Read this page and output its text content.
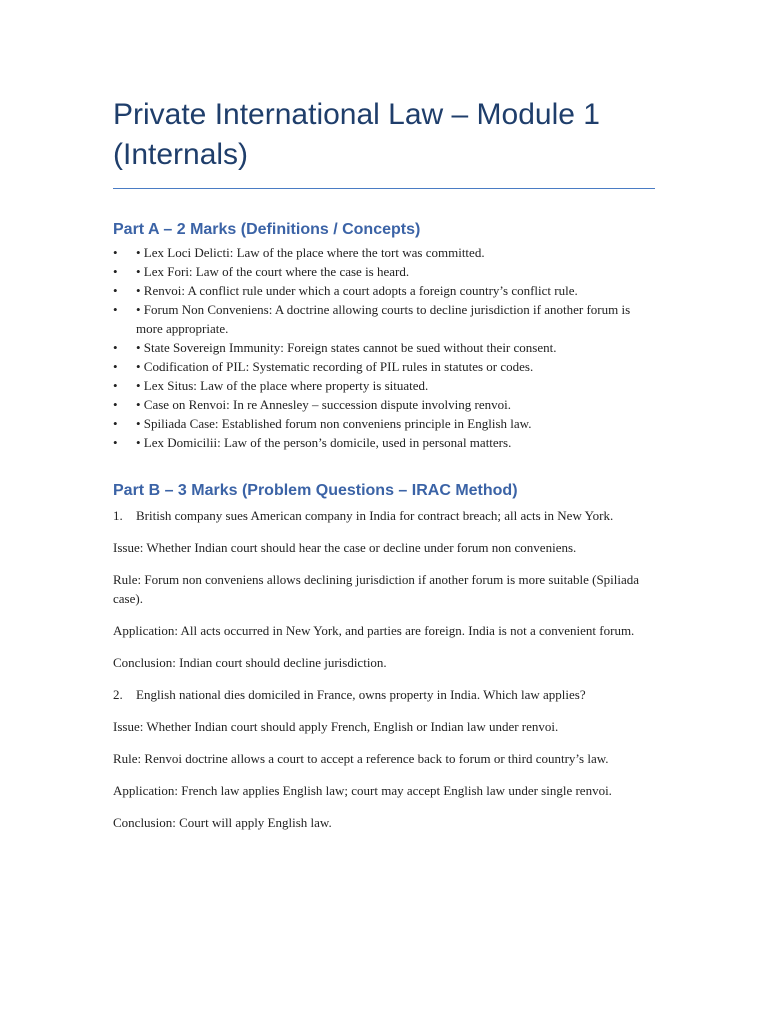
Private International Law – Module 1 (Internals)
Part A – 2 Marks (Definitions / Concepts)
• • Lex Loci Delicti: Law of the place where the tort was committed.
• • Lex Fori: Law of the court where the case is heard.
• • Renvoi: A conflict rule under which a court adopts a foreign country’s conflict rule.
• • Forum Non Conveniens: A doctrine allowing courts to decline jurisdiction if another forum is more appropriate.
• • State Sovereign Immunity: Foreign states cannot be sued without their consent.
• • Codification of PIL: Systematic recording of PIL rules in statutes or codes.
• • Lex Situs: Law of the place where property is situated.
• • Case on Renvoi: In re Annesley – succession dispute involving renvoi.
• • Spiliada Case: Established forum non conveniens principle in English law.
• • Lex Domicilii: Law of the person’s domicile, used in personal matters.
Part B – 3 Marks (Problem Questions – IRAC Method)

1. British company sues American company in India for contract breach; all acts in New York.

Issue: Whether Indian court should hear the case or decline under forum non conveniens.

Rule: Forum non conveniens allows declining jurisdiction if another forum is more suitable (Spiliada case).

Application: All acts occurred in New York, and parties are foreign. India is not a convenient forum.

Conclusion: Indian court should decline jurisdiction.

2. English national dies domiciled in France, owns property in India. Which law applies?

Issue: Whether Indian court should apply French, English or Indian law under renvoi.

Rule: Renvoi doctrine allows a court to accept a reference back to forum or third country’s law.

Application: French law applies English law; court may accept English law under single renvoi.

Conclusion: Court will apply English law.
